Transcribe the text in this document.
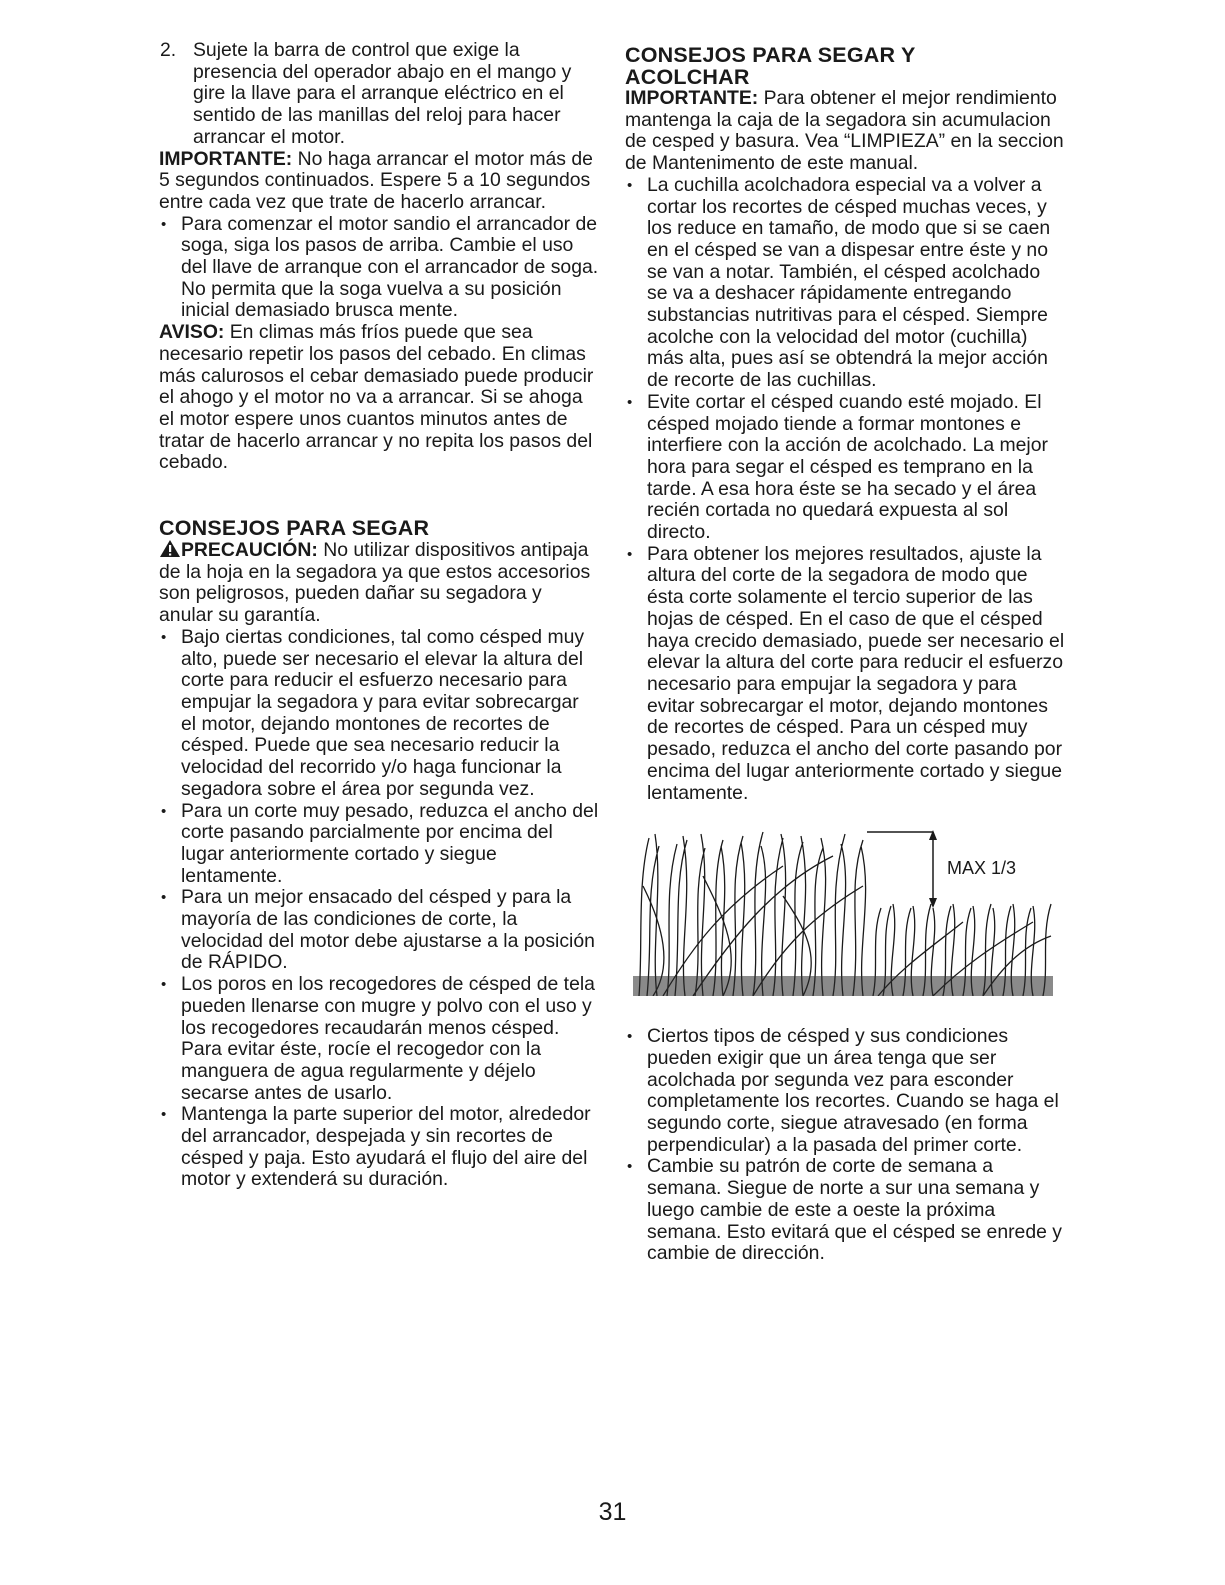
2. Sujete la barra de control que exige la presencia del operador abajo en el mango y gire la llave para el arranque eléctrico en el sentido de las manillas del reloj para hacer arrancar el motor.

IMPORTANTE: No haga arrancar el motor más de 5 segundos continuados. Espere 5 a 10 segundos entre cada vez que trate de hacerlo arrancar.

• Para comenzar el motor sandio el arrancador de soga, siga los pasos de arriba. Cambie el uso del llave de arranque con el arrancador de soga. No permita que la soga vuelva a su posición inicial demasiado brusca mente.

AVISO: En climas más fríos puede que sea necesario repetir los pasos del cebado. En climas más calurosos el cebar demasiado puede producir el ahogo y el motor no va a arrancar. Si se ahoga el motor espere unos cuantos minutos antes de tratar de hacerlo arrancar y no repita los pasos del cebado.

CONSEJOS PARA SEGAR

PRECAUCIÓN: No utilizar dispositivos antipaja de la hoja en la segadora ya que estos accesorios son peligrosos, pueden dañar su segadora y anular su garantía.

• Bajo ciertas condiciones, tal como césped muy alto, puede ser necesario el elevar la altura del corte para reducir el esfuerzo necesario para empujar la segadora y para evitar sobrecargar el motor, dejando montones de recortes de césped. Puede que sea necesario reducir la velocidad del recorrido y/o haga funcionar la segadora sobre el área por segunda vez.
• Para un corte muy pesado, reduzca el ancho del corte pasando parcialmente por encima del lugar anteriormente cortado y siegue lentamente.
• Para un mejor ensacado del césped y para la mayoría de las condiciones de corte, la velocidad del motor debe ajustarse a la posición de RÁPIDO.
• Los poros en los recogedores de césped de tela pueden llenarse con mugre y polvo con el uso y los recogedores recaudarán menos césped. Para evitar éste, rocíe el recogedor con la manguera de agua regularmente y déjelo secarse antes de usarlo.
• Mantenga la parte superior del motor, alrededor del arrancador, despejada y sin recortes de césped y paja. Esto ayudará el flujo del aire del motor y extenderá su duración.
CONSEJOS PARA SEGAR Y ACOLCHAR

IMPORTANTE: Para obtener el mejor rendimiento mantenga la caja de la segadora sin acumulacion de cesped y basura. Vea “LIMPIEZA” en la seccion de Mantenimento de este manual.

• La cuchilla acolchadora especial va a volver a cortar los recortes de césped muchas veces, y los reduce en tamaño, de modo que si se caen en el césped se van a dispesar entre éste y no se van a notar. También, el césped acolchado se va a deshacer rápidamente entregando substancias nutritivas para el césped. Siempre acolche con la velocidad del motor (cuchilla) más alta, pues así se obtendrá la mejor acción de recorte de las cuchillas.
• Evite cortar el césped cuando esté mojado. El césped mojado tiende a formar montones e interfiere con la acción de acolchado. La mejor hora para segar el césped es temprano en la tarde. A esa hora éste se ha secado y el área recién cortada no quedará expuesta al sol directo.
• Para obtener los mejores resultados, ajuste la altura del corte de la segadora de modo que ésta corte solamente el tercio superior de las hojas de césped. En el caso de que el césped haya crecido demasiado, puede ser necesario el elevar la altura del corte para reducir el esfuerzo necesario para empujar la segadora y para evitar sobrecargar el motor, dejando montones de recortes de césped. Para un césped muy pesado, reduzca el ancho del corte pasando por encima del lugar anteriormente cortado y siegue lentamente.
MAX 1/3
• Ciertos tipos de césped y sus condiciones pueden exigir que un área tenga que ser acolchada por segunda vez para esconder completamente los recortes. Cuando se haga el segundo corte, siegue atravesado (en forma perpendicular) a la pasada del primer corte.
• Cambie su patrón de corte de semana a semana. Siegue de norte a sur una semana y luego cambie de este a oeste la próxima semana. Esto evitará que el césped se enrede y cambie de dirección.
31
